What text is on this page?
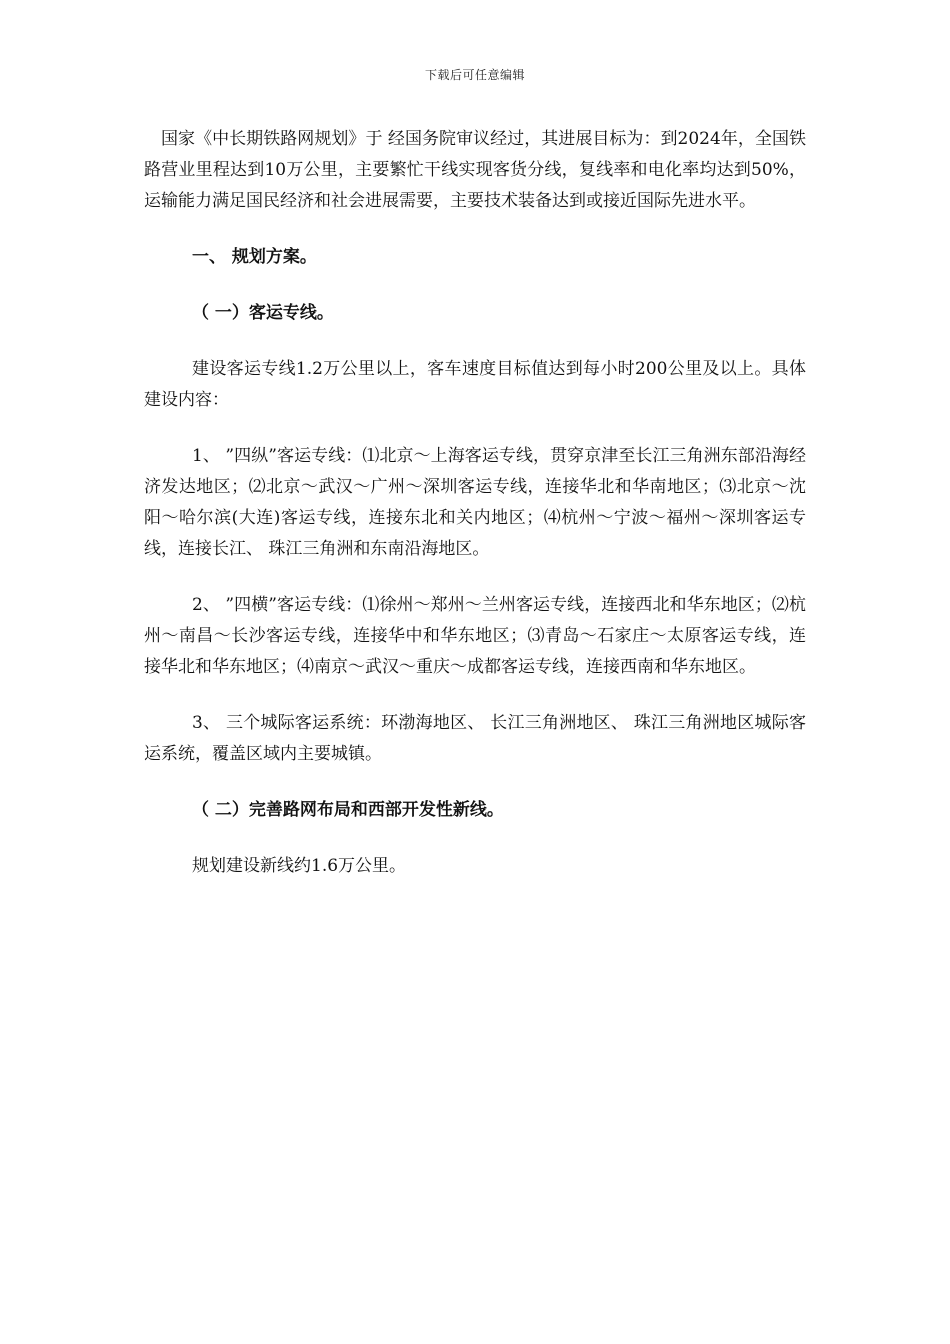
下载后可任意编辑

国家《中长期铁路网规划》于 经国务院审议经过，其进展目标为：到2024年，全国铁路营业里程达到10万公里，主要繁忙干线实现客货分线，复线率和电化率均达到50%，运输能力满足国民经济和社会进展需要，主要技术装备达到或接近国际先进水平。

一、 规划方案。

（ 一）客运专线。

建设客运专线1.2万公里以上，客车速度目标值达到每小时200公里及以上。具体建设内容：

1、 ”四纵”客运专线：⑴北京～上海客运专线，贯穿京津至长江三角洲东部沿海经济发达地区；⑵北京～武汉～广州～深圳客运专线，连接华北和华南地区；⑶北京～沈阳～哈尔滨(大连)客运专线，连接东北和关内地区；⑷杭州～宁波～福州～深圳客运专线，连接长江、 珠江三角洲和东南沿海地区。

2、 ”四横”客运专线：⑴徐州～郑州～兰州客运专线，连接西北和华东地区；⑵杭州～南昌～长沙客运专线，连接华中和华东地区；⑶青岛～石家庄～太原客运专线，连接华北和华东地区；⑷南京～武汉～重庆～成都客运专线，连接西南和华东地区。

3、 三个城际客运系统：环渤海地区、 长江三角洲地区、 珠江三角洲地区城际客运系统，覆盖区域内主要城镇。

（ 二）完善路网布局和西部开发性新线。

规划建设新线约1.6万公里。
